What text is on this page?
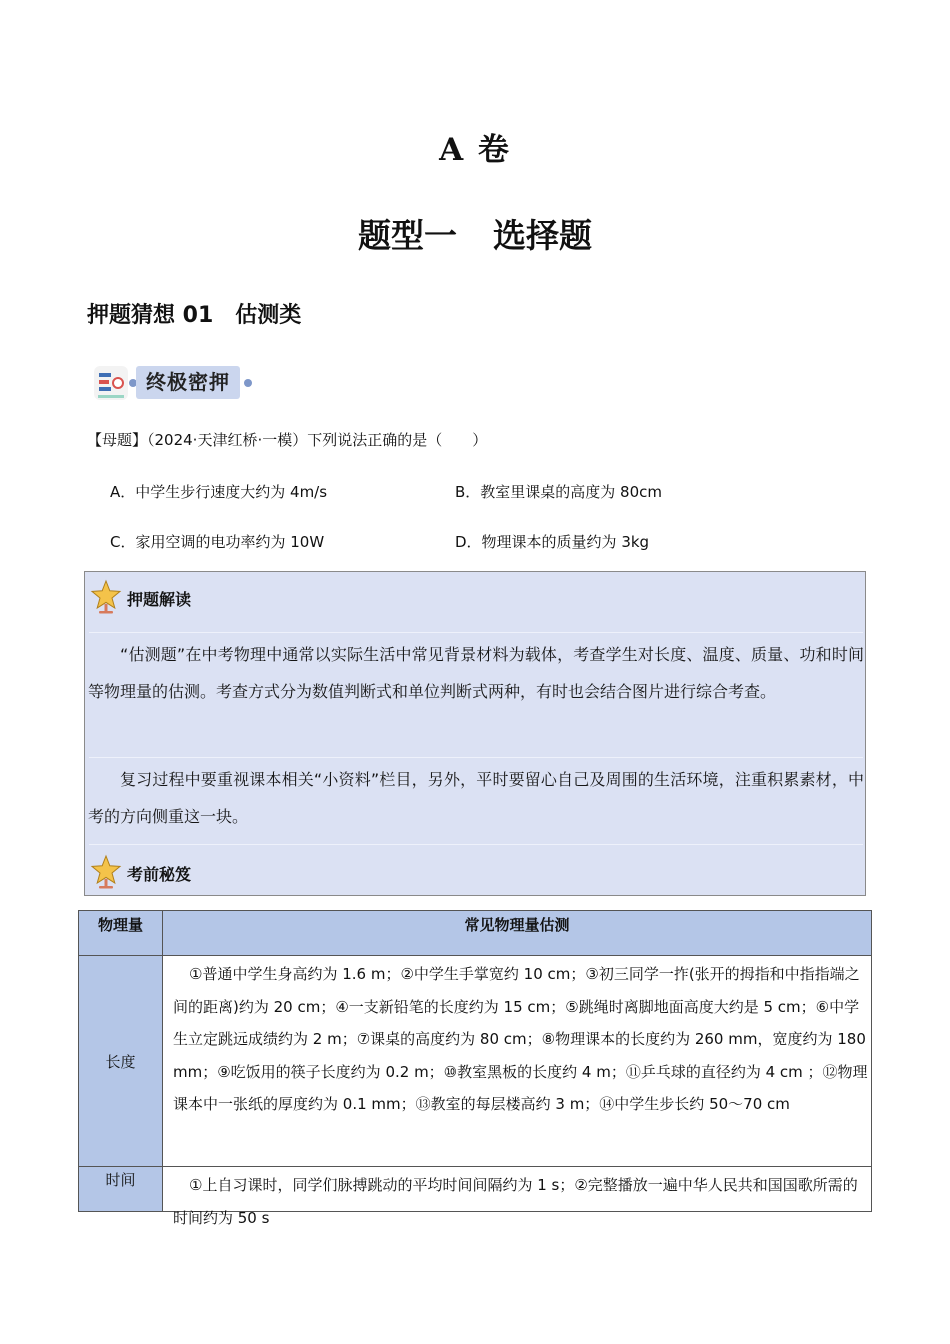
A 卷
题型一 选择题
押题猜想 01 估测类
终极密押
【母题】（2024·天津红桥·一模）下列说法正确的是（　　）
A．中学生步行速度大约为 4m/s	B．教室里课桌的高度为 80cm
C．家用空调的电功率约为 10W	D．物理课本的质量约为 3kg
押题解读
“估测题”在中考物理中通常以实际生活中常见背景材料为载体，考查学生对长度、温度、质量、功和时间等物理量的估测。考查方式分为数值判断式和单位判断式两种，有时也会结合图片进行综合考查。
复习过程中要重视课本相关“小资料”栏目，另外，平时要留心自己及周围的生活环境，注重积累素材，中考的方向侧重这一块。
考前秘笈
物理量	常见物理量估测

长度	①普通中学生身高约为 1.6 m；②中学生手掌宽约 10 cm；③初三同学一拃(张开的拇指和中指指端之间的距离)约为 20 cm；④一支新铅笔的长度约为 15 cm；⑤跳绳时离脚地面高度大约是 5 cm；⑥中学生立定跳远成绩约为 2 m；⑦课桌的高度约为 80 cm；⑧物理课本的长度约为 260 mm，宽度约为 180 mm；⑨吃饭用的筷子长度约为 0.2 m；⑩教室黑板的长度约 4 m；⑪乒乓球的直径约为 4 cm ；⑫物理课本中一张纸的厚度约为 0.1 mm；⑬教室的每层楼高约 3 m；⑭中学生步长约 50～70 cm

时间	①上自习课时，同学们脉搏跳动的平均时间间隔约为 1 s；②完整播放一遍中华人民共和国国歌所需的时间约为 50 s
